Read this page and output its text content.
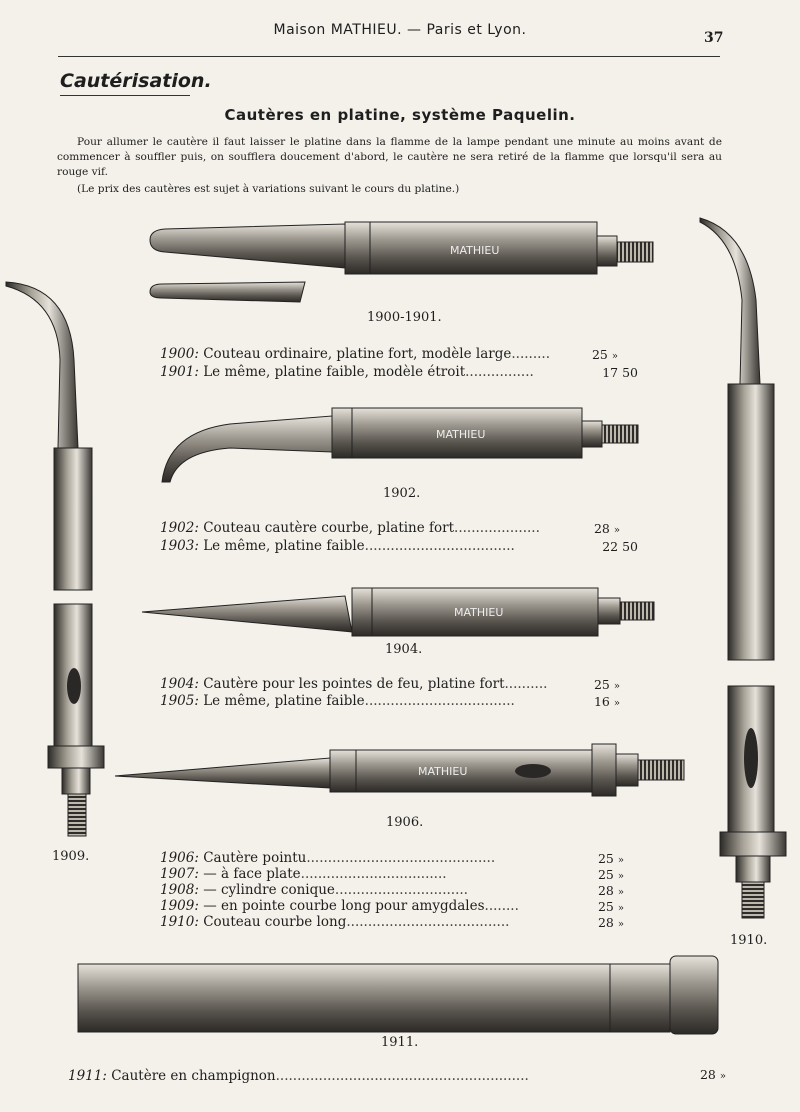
Maison MATHIEU. — Paris et Lyon.	37
Cautérisation.
Cautères en platine, système Paquelin.
Pour allumer le cautère il faut laisser le platine dans la flamme de la lampe pendant une minute au moins avant de commencer à souffler puis, on soufflera doucement d'abord, le cautère ne sera retiré de la flamme que lorsqu'il sera au rouge vif.
(Le prix des cautères est sujet à variations suivant le cours du platine.)
MATHIEU
MATHIEU
MATHIEU
MATHIEU
1900-1901.
1902.
1904.
1906.
1909.
1910.
1911.
1900: Couteau ordinaire, platine fort, modèle large.........	25 »
1901: Le même, platine faible, modèle étroit................	17 50
1902: Couteau cautère courbe, platine fort....................	28 »
1903: Le même, platine faible...................................	22 50
1904: Cautère pour les pointes de feu, platine fort..........	25 »
1905: Le même, platine faible...................................	16 »
1906: Cautère pointu............................................	25 »
1907: — à face plate..................................	25 »
1908: — cylindre conique...............................	28 »
1909: — en pointe courbe long pour amygdales........	25 »
1910: Couteau courbe long......................................	28 »
1911: Cautère en champignon...........................................................	28 »
